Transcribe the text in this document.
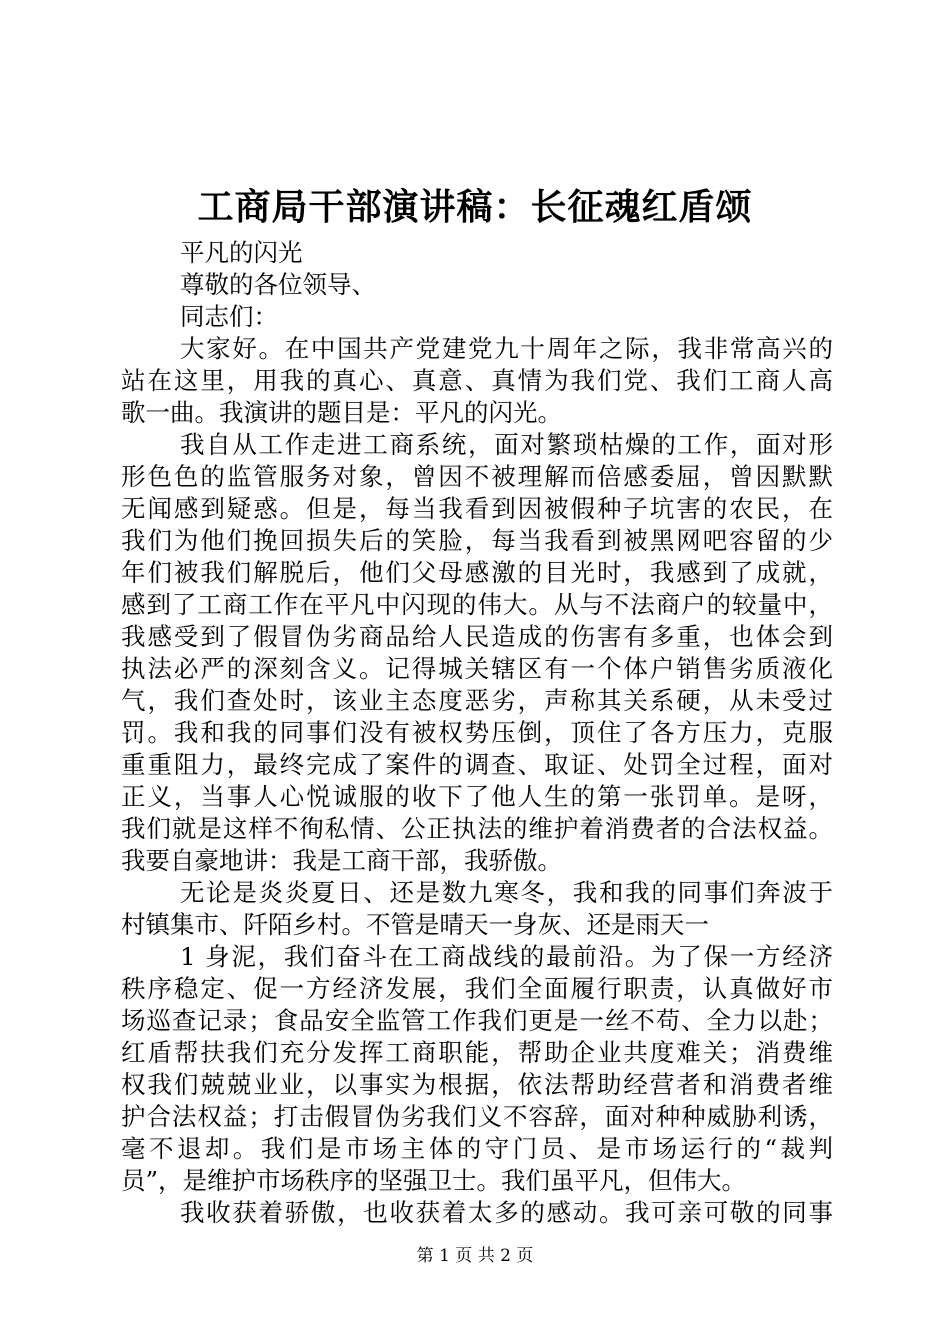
工商局干部演讲稿：长征魂红盾颂
平凡的闪光
尊敬的各位领导、
同志们：
大家好。在中国共产党建党九十周年之际，我非常高兴的
站在这里，用我的真心、真意、真情为我们党、我们工商人高
歌一曲。我演讲的题目是：平凡的闪光。
我自从工作走进工商系统，面对繁琐枯燥的工作，面对形
形色色的监管服务对象，曾因不被理解而倍感委屈，曾因默默
无闻感到疑惑。但是，每当我看到因被假种子坑害的农民，在
我们为他们挽回损失后的笑脸，每当我看到被黑网吧容留的少
年们被我们解脱后，他们父母感激的目光时，我感到了成就，
感到了工商工作在平凡中闪现的伟大。从与不法商户的较量中，
我感受到了假冒伪劣商品给人民造成的伤害有多重，也体会到
执法必严的深刻含义。记得城关辖区有一个体户销售劣质液化
气，我们查处时，该业主态度恶劣，声称其关系硬，从未受过
罚。我和我的同事们没有被权势压倒，顶住了各方压力，克服
重重阻力，最终完成了案件的调查、取证、处罚全过程，面对
正义，当事人心悦诚服的收下了他人生的第一张罚单。是呀，
我们就是这样不徇私情、公正执法的维护着消费者的合法权益。
我要自豪地讲：我是工商干部，我骄傲。
无论是炎炎夏日、还是数九寒冬，我和我的同事们奔波于
村镇集市、阡陌乡村。不管是晴天一身灰、还是雨天一
1 身泥，我们奋斗在工商战线的最前沿。为了保一方经济
秩序稳定、促一方经济发展，我们全面履行职责，认真做好市
场巡查记录；食品安全监管工作我们更是一丝不苟、全力以赴；
红盾帮扶我们充分发挥工商职能，帮助企业共度难关；消费维
权我们兢兢业业，以事实为根据，依法帮助经营者和消费者维
护合法权益；打击假冒伪劣我们义不容辞，面对种种威胁利诱，
毫不退却。我们是市场主体的守门员、是市场运行的“裁判
员”，是维护市场秩序的坚强卫士。我们虽平凡，但伟大。
我收获着骄傲，也收获着太多的感动。我可亲可敬的同事
第 1 页 共 2 页
